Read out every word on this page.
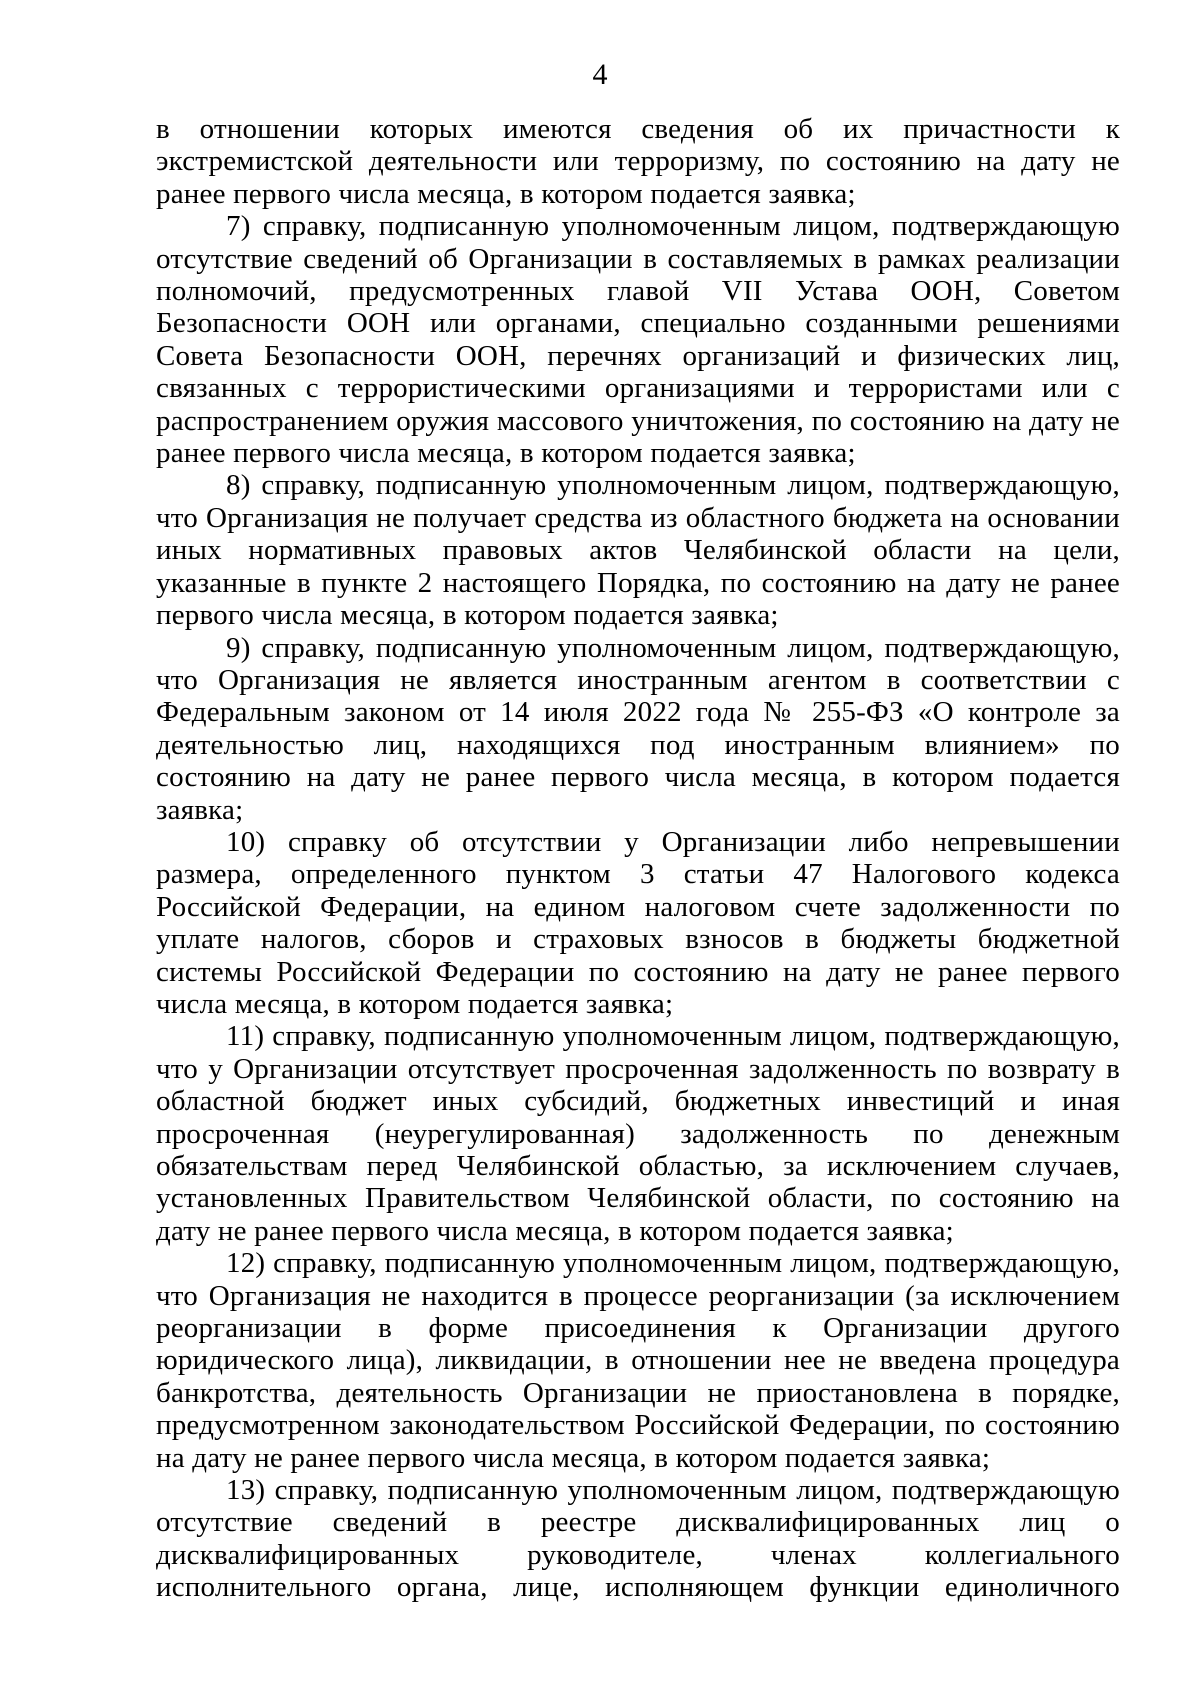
4

в отношении которых имеются сведения об их причастности к экстремистской деятельности или терроризму, по состоянию на дату не ранее первого числа месяца, в котором подается заявка;

7) справку, подписанную уполномоченным лицом, подтверждающую отсутствие сведений об Организации в составляемых в рамках реализации полномочий, предусмотренных главой VII Устава ООН, Советом Безопасности ООН или органами, специально созданными решениями Совета Безопасности ООН, перечнях организаций и физических лиц, связанных с террористическими организациями и террористами или с распространением оружия массового уничтожения, по состоянию на дату не ранее первого числа месяца, в котором подается заявка;

8) справку, подписанную уполномоченным лицом, подтверждающую, что Организация не получает средства из областного бюджета на основании иных нормативных правовых актов Челябинской области на цели, указанные в пункте 2 настоящего Порядка, по состоянию на дату не ранее первого числа месяца, в котором подается заявка;

9) справку, подписанную уполномоченным лицом, подтверждающую, что Организация не является иностранным агентом в соответствии с Федеральным законом от 14 июля 2022 года № 255-ФЗ «О контроле за деятельностью лиц, находящихся под иностранным влиянием» по состоянию на дату не ранее первого числа месяца, в котором подается заявка;

10) справку об отсутствии у Организации либо непревышении размера, определенного пунктом 3 статьи 47 Налогового кодекса Российской Федерации, на едином налоговом счете задолженности по уплате налогов, сборов и страховых взносов в бюджеты бюджетной системы Российской Федерации по состоянию на дату не ранее первого числа месяца, в котором подается заявка;

11) справку, подписанную уполномоченным лицом, подтверждающую, что у Организации отсутствует просроченная задолженность по возврату в областной бюджет иных субсидий, бюджетных инвестиций и иная просроченная (неурегулированная) задолженность по денежным обязательствам перед Челябинской областью, за исключением случаев, установленных Правительством Челябинской области, по состоянию на дату не ранее первого числа месяца, в котором подается заявка;

12) справку, подписанную уполномоченным лицом, подтверждающую, что Организация не находится в процессе реорганизации (за исключением реорганизации в форме присоединения к Организации другого юридического лица), ликвидации, в отношении нее не введена процедура банкротства, деятельность Организации не приостановлена в порядке, предусмотренном законодательством Российской Федерации, по состоянию на дату не ранее первого числа месяца, в котором подается заявка;

13) справку, подписанную уполномоченным лицом, подтверждающую отсутствие сведений в реестре дисквалифицированных лиц о дисквалифицированных руководителе, членах коллегиального исполнительного органа, лице, исполняющем функции единоличного
